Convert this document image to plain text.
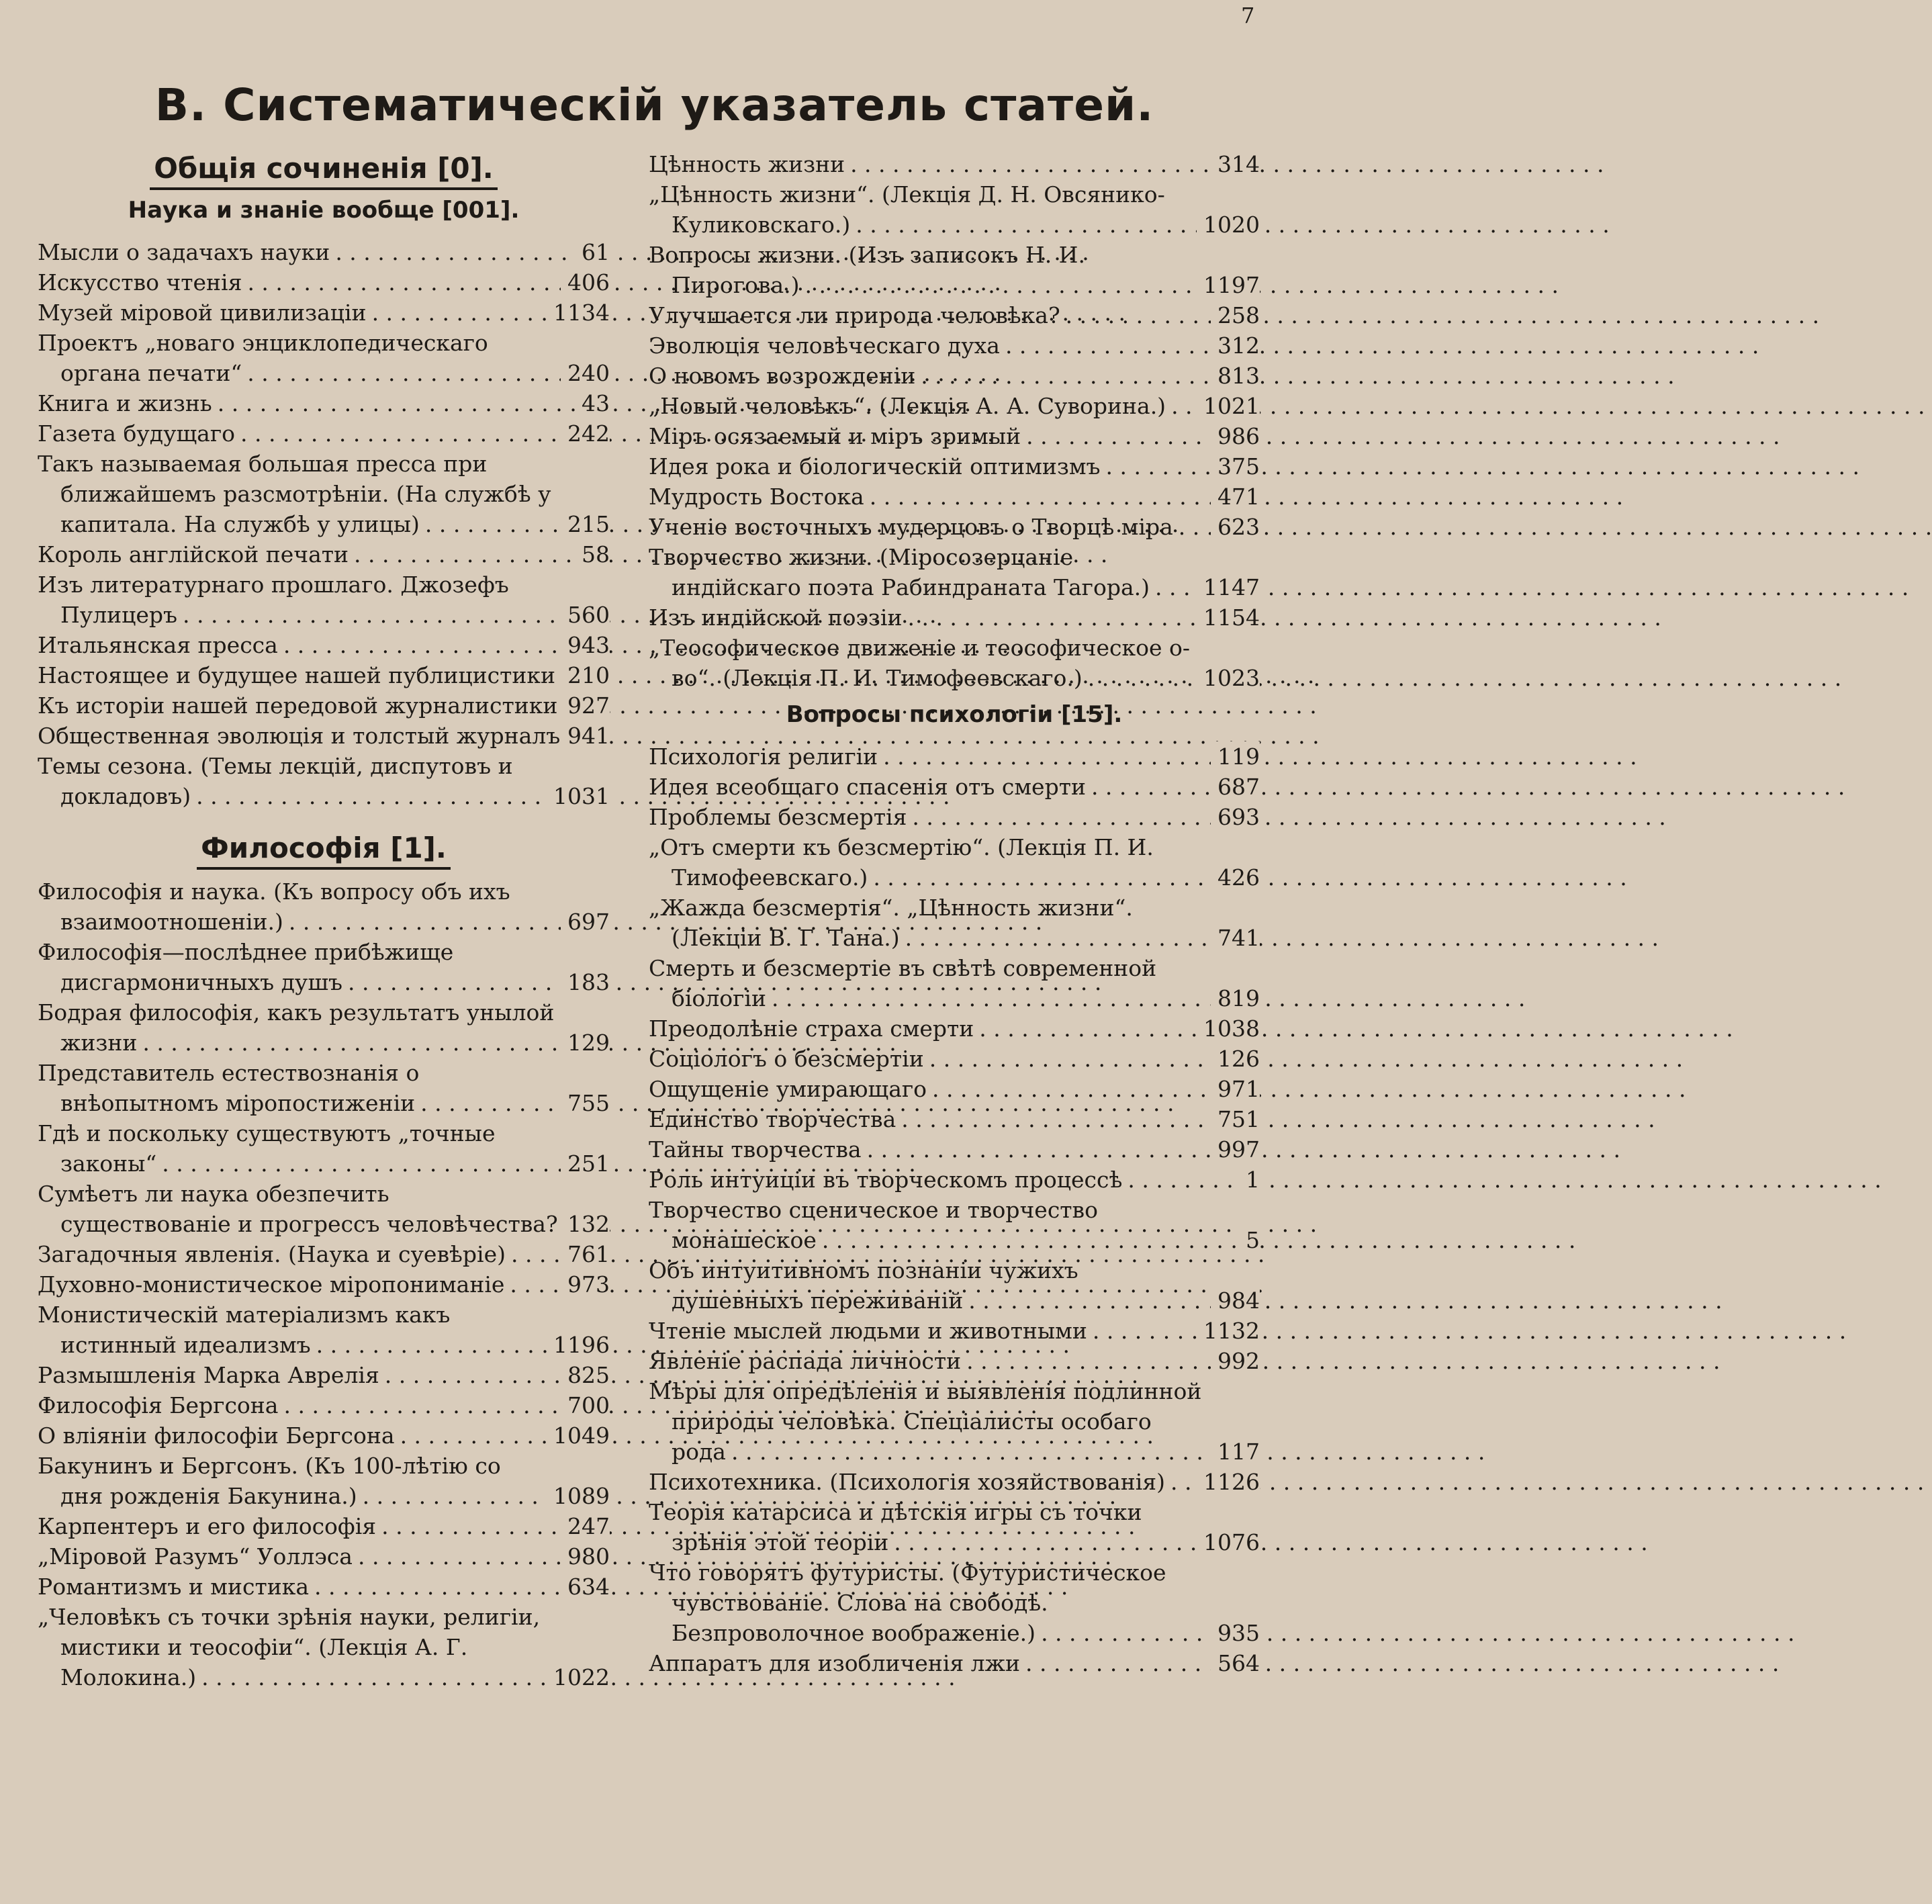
7
В. Систематическій указатель статей.
Общія сочиненія [0].
Наука и знаніе вообще [001].
Мысли о задачахъ науки . . .	61
Искусство чтенія . . .	406
Музей міровой цивилизаціи . . .	1134
Проектъ „новаго энциклопедическаго органа печати“ . . .	240
Книга и жизнь . . .	43
Газета будущаго . . .	242
Такъ называемая большая пресса при ближайшемъ разсмотрѣніи. (На службѣ у капитала. На службѣ у улицы) . . .	215
Король англійской печати . . .	58
Изъ литературнаго прошлаго. Джозефъ Пулицеръ . . .	560
Итальянская пресса . . .	943
Настоящее и будущее нашей публицистики . . . 210
Къ исторіи нашей передовой журналистики . . . 927
Общественная эволюція и толстый журналъ . . . 941
Темы сезона. (Темы лекцій, диспутовъ и докладовъ) . . .	1031
Философія [1].
Философія и наука. (Къ вопросу объ ихъ взаимоотношеніи.) . . .	697
Философія—послѣднее прибѣжище дисгармоничныхъ душъ . . .	183
Бодрая философія, какъ результатъ унылой жизни . . .	129
Представитель естествознанія о внѣопытномъ міропостиженіи . . .	755
Гдѣ и поскольку существуютъ „точные законы“ . . .	251
Сумѣетъ ли наука обезпечить существованіе и прогрессъ человѣчества? . . . 132
Загадочныя явленія. (Наука и суевѣріе) . . .	761
Духовно-монистическое міропониманіе . . .	973
Монистическій матеріализмъ какъ истинный идеализмъ . . .	1196
Размышленія Марка Аврелія . . .	825
Философія Бергсона . . .	700
О вліяніи философіи Бергсона . . .	1049
Бакунинъ и Бергсонъ. (Къ 100-лѣтію со дня рожденія Бакунина.) . . .	1089
Карпентеръ и его философія . . .	247
„Міровой Разумъ“ Уоллэса . . .	980
Романтизмъ и мистика . . .	634
„Человѣкъ съ точки зрѣнія науки, религіи, мистики и теософіи“. (Лекція А. Г. Молокина.) . . .	1022
Цѣнность жизни . . .	314
„Цѣнность жизни“. (Лекція Д. Н. Овсянико-Куликовскаго.) . . .	1020
Вопросы жизни. (Изъ записокъ Н. И. Пирогова.) . . .	1197
Улучшается ли природа человѣка? . . .	258
Эволюція человѣческаго духа . . .	312
О новомъ возрожденіи . . .	813
„Новый человѣкъ“. (Лекція А. А. Суворина.) . . .	1021
Міръ осязаемый и міръ зримый . . .	986
Идея рока и біологическій оптимизмъ . . .	375
Мудрость Востока . . .	471
Ученіе восточныхъ мудерцовъ о Творцѣ міра . . .	623
Творчество жизни. (Міросозерцаніе индійскаго поэта Рабиндраната Тагора.) . . .	1147
Изъ индійской поэзіи . . .	1154
„Теософическое движеніе и теософическое о-во“. (Лекція П. И. Тимофеевскаго.) . . .	1023
Вопросы психологіи [15].
Психологія религіи . . .	119
Идея всеобщаго спасенія отъ смерти . . .	687
Проблемы безсмертія . . .	693
„Отъ смерти къ безсмертію“. (Лекція П. И. Тимофеевскаго.) . . .	426
„Жажда безсмертія“. „Цѣнность жизни“. (Лекціи В. Г. Тана.) . . .	741
Смерть и безсмертіе въ свѣтѣ современной біологіи . . .	819
Преодолѣніе страха смерти . . .	1038
Соціологъ о безсмертіи . . .	126
Ощущеніе умирающаго . . .	971
Единство творчества . . .	751
Тайны творчества . . .	997
Роль интуиціи въ творческомъ процессѣ . . .	1
Творчество сценическое и творчество монашеское . . .	5
Объ интуитивномъ познаніи чужихъ душевныхъ переживаній . . .	984
Чтеніе мыслей людьми и животными . . .	1132
Явленіе распада личности . . .	992
Мѣры для опредѣленія и выявленія подлинной природы человѣка. Спеціалисты особаго рода . . .	117
Психотехника. (Психологія хозяйствованія) . . .	1126
Теорія катарсиса и дѣтскія игры съ точки зрѣнія этой теоріи . . .	1076
Что говорятъ футуристы. (Футуристическое чувствованіе. Слова на свободѣ. Безпроволочное воображеніе.) . . .	935
Аппаратъ для изобличенія лжи . . .	564
